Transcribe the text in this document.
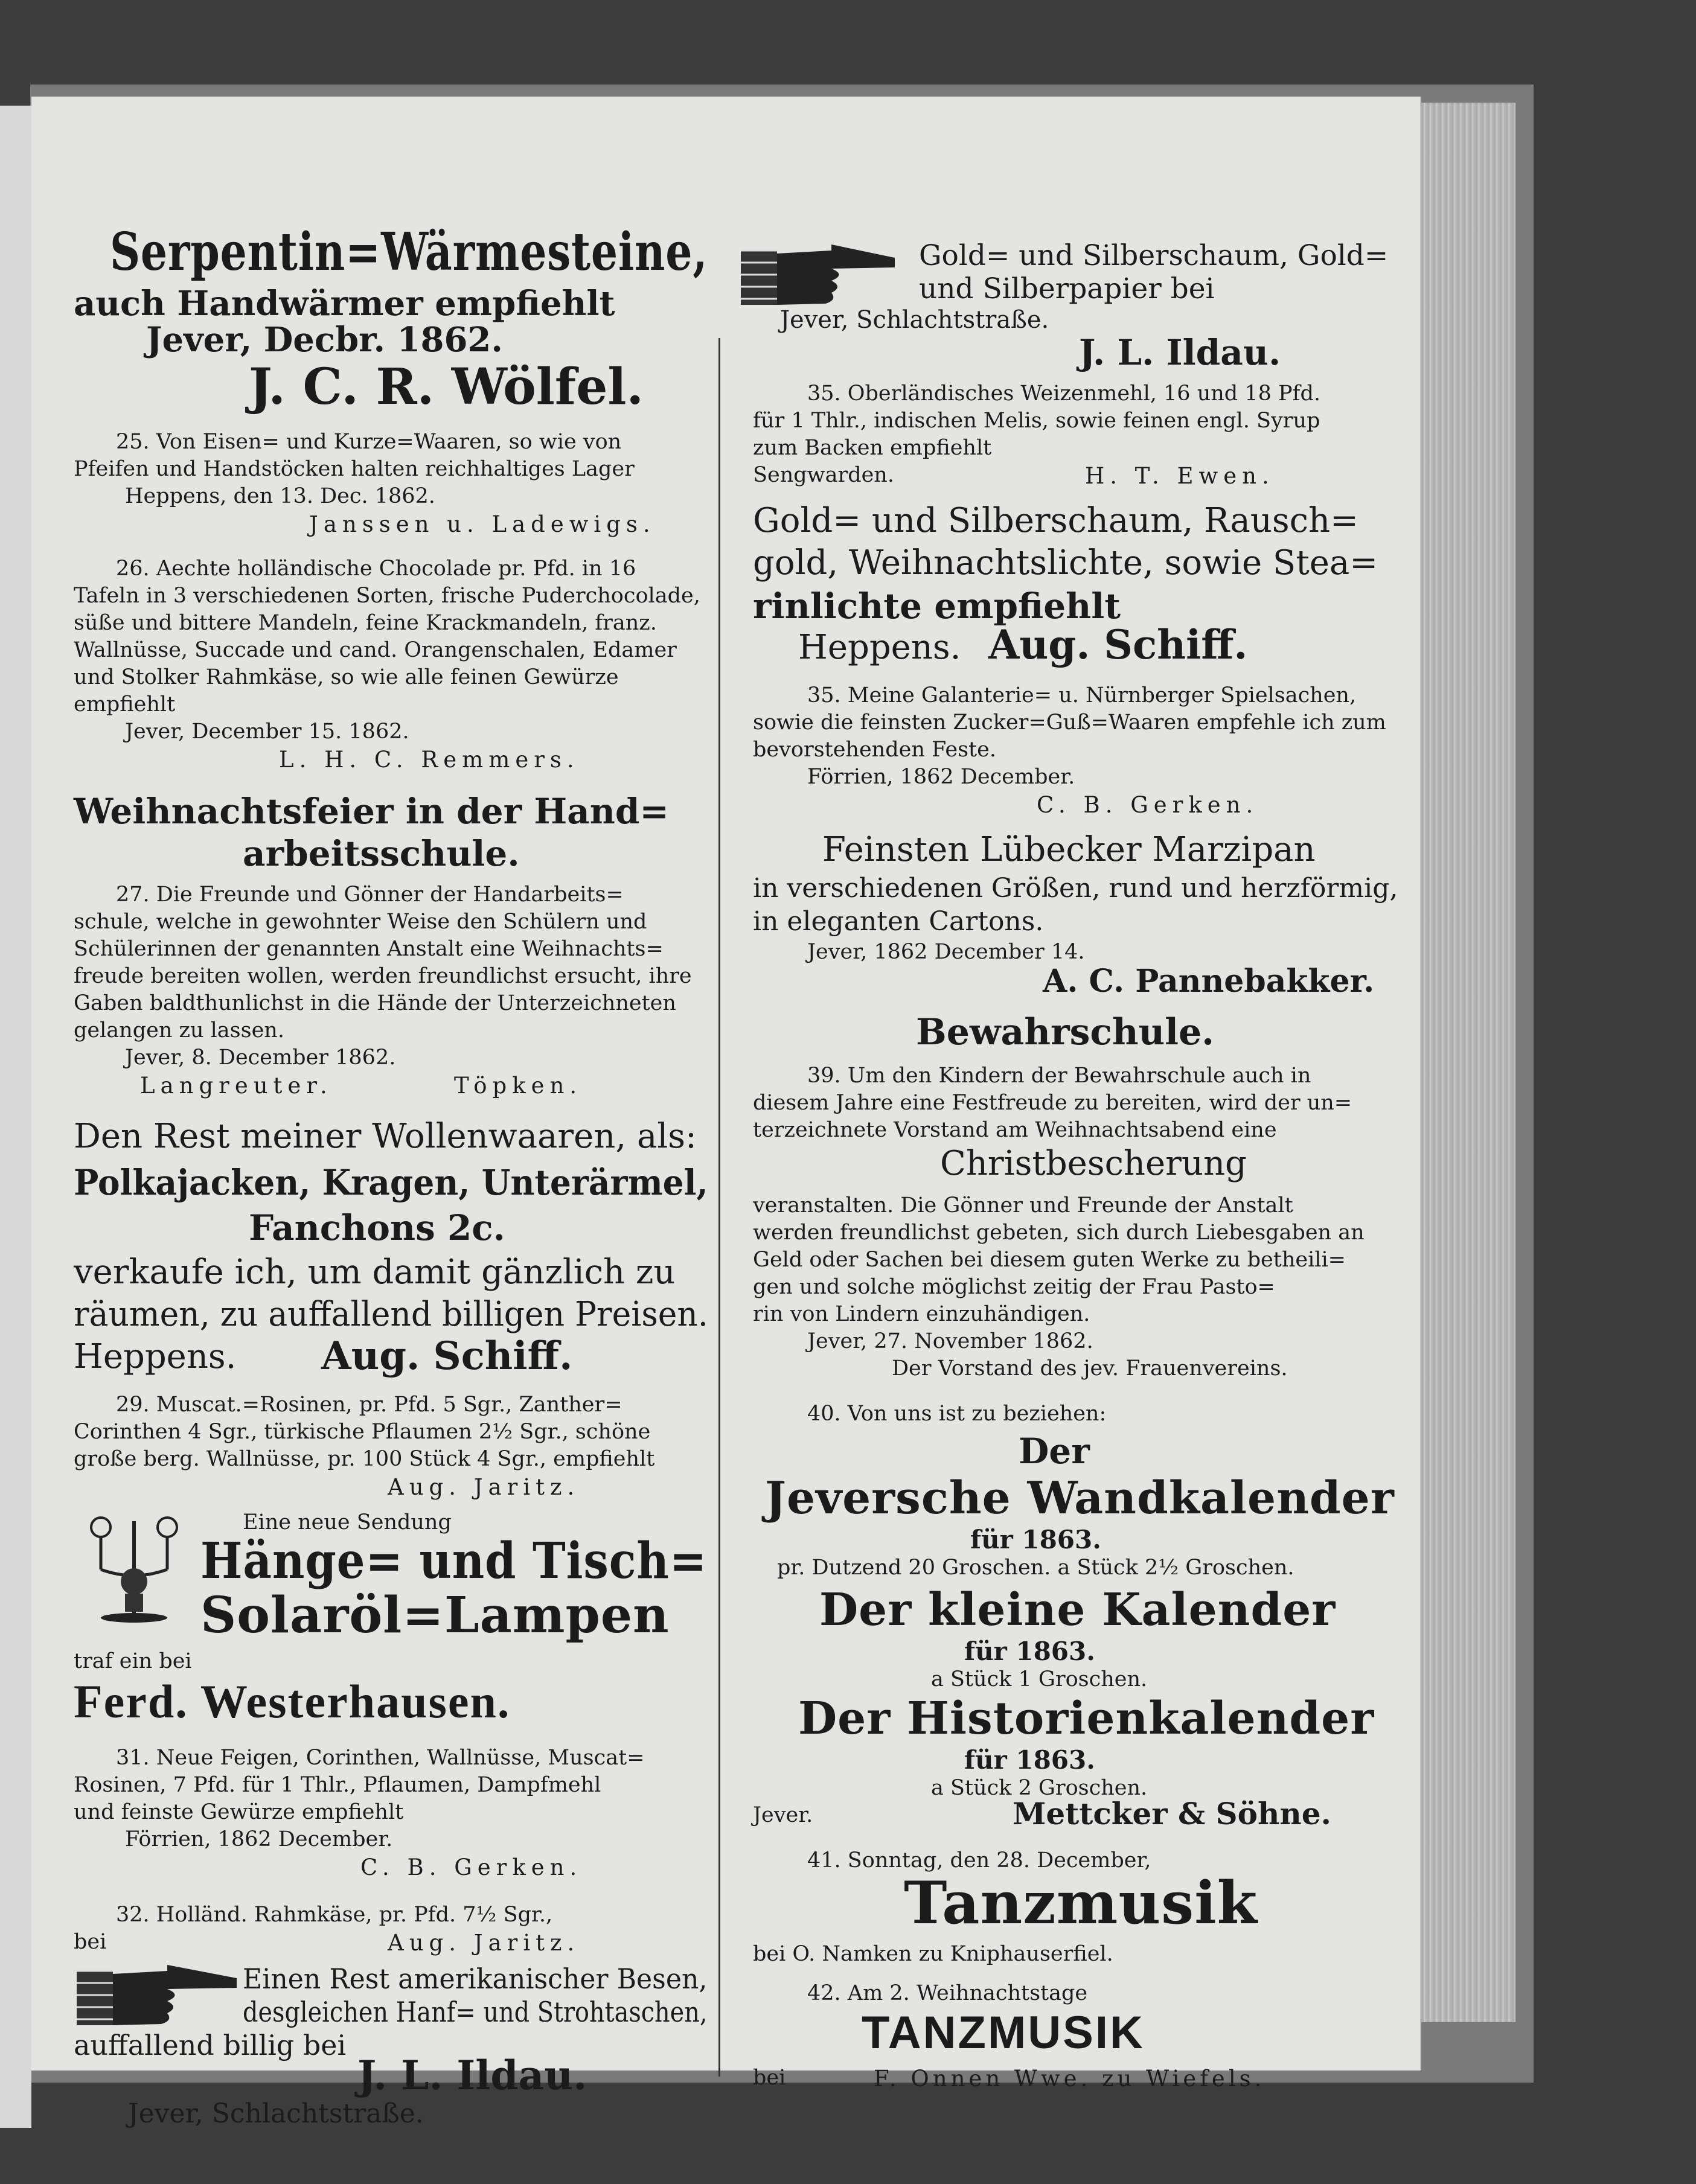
Serpentin=Wärmesteine,
auch Handwärmer empfiehlt
Jever, Decbr. 1862.
J. C. R. Wölfel.
25. Von Eisen= und Kurze=Waaren, so wie von
Pfeifen und Handstöcken halten reichhaltiges Lager
Heppens, den 13. Dec. 1862.
Janssen u. Ladewigs.
26. Aechte holländische Chocolade pr. Pfd. in 16
Tafeln in 3 verschiedenen Sorten, frische Puderchocolade,
süße und bittere Mandeln, feine Krackmandeln, franz.
Wallnüsse, Succade und cand. Orangenschalen, Edamer
und Stolker Rahmkäse, so wie alle feinen Gewürze
empfiehlt
Jever, December 15. 1862.
L. H. C. Remmers.
Weihnachtsfeier in der Hand=
arbeitsschule.
27. Die Freunde und Gönner der Handarbeits=
schule, welche in gewohnter Weise den Schülern und
Schülerinnen der genannten Anstalt eine Weihnachts=
freude bereiten wollen, werden freundlichst ersucht, ihre
Gaben baldthunlichst in die Hände der Unterzeichneten
gelangen zu lassen.
Jever, 8. December 1862.
Langreuter.	Töpken.
Den Rest meiner Wollenwaaren, als:
Polkajacken, Kragen, Unterärmel,
Fanchons 2c.
verkaufe ich, um damit gänzlich zu
räumen, zu auffallend billigen Preisen.
Heppens. Aug. Schiff.
29. Muscat.=Rosinen, pr. Pfd. 5 Sgr., Zanther=
Corinthen 4 Sgr., türkische Pflaumen 2½ Sgr., schöne
große berg. Wallnüsse, pr. 100 Stück 4 Sgr., empfiehlt
Aug. Jaritz.
Eine neue Sendung
Hänge= und Tisch=
Solaröl=Lampen
traf ein bei
Ferd. Westerhausen.
31. Neue Feigen, Corinthen, Wallnüsse, Muscat=
Rosinen, 7 Pfd. für 1 Thlr., Pflaumen, Dampfmehl
und feinste Gewürze empfiehlt
Förrien, 1862 December.
C. B. Gerken.
32. Holländ. Rahmkäse, pr. Pfd. 7½ Sgr.,
bei	Aug. Jaritz.
Einen Rest amerikanischer Besen,
desgleichen Hanf= und Strohtaschen,
auffallend billig bei
J. L. Ildau.
Jever, Schlachtstraße.
Gold= und Silberschaum, Gold=
und Silberpapier bei
Jever, Schlachtstraße.
J. L. Ildau.
35. Oberländisches Weizenmehl, 16 und 18 Pfd.
für 1 Thlr., indischen Melis, sowie feinen engl. Syrup
zum Backen empfiehlt
Sengwarden.	H. T. Ewen.
Gold= und Silberschaum, Rausch=
gold, Weihnachtslichte, sowie Stea=
rinlichte empfiehlt
Heppens. Aug. Schiff.
35. Meine Galanterie= u. Nürnberger Spielsachen,
sowie die feinsten Zucker=Guß=Waaren empfehle ich zum
bevorstehenden Feste.
Förrien, 1862 December.
C. B. Gerken.
Feinsten Lübecker Marzipan
in verschiedenen Größen, rund und herzförmig,
in eleganten Cartons.
Jever, 1862 December 14.
A. C. Pannebakker.
Bewahrschule.
39. Um den Kindern der Bewahrschule auch in
diesem Jahre eine Festfreude zu bereiten, wird der un=
terzeichnete Vorstand am Weihnachtsabend eine
Christbescherung
veranstalten. Die Gönner und Freunde der Anstalt
werden freundlichst gebeten, sich durch Liebesgaben an
Geld oder Sachen bei diesem guten Werke zu betheili=
gen und solche möglichst zeitig der Frau Pasto=
rin von Lindern einzuhändigen.
Jever, 27. November 1862.
Der Vorstand des jev. Frauenvereins.
40. Von uns ist zu beziehen:
Der
Jeversche Wandkalender
für 1863.
pr. Dutzend 20 Groschen. a Stück 2½ Groschen.
Der kleine Kalender
für 1863.
a Stück 1 Groschen.
Der Historienkalender
für 1863.
a Stück 2 Groschen.
Jever.	Mettcker & Söhne.
41. Sonntag, den 28. December,
Tanzmusik
bei O. Namken zu Kniphauserfiel.
42. Am 2. Weihnachtstage
TANZMUSIK
bei	F. Onnen Wwe. zu Wiefels.
